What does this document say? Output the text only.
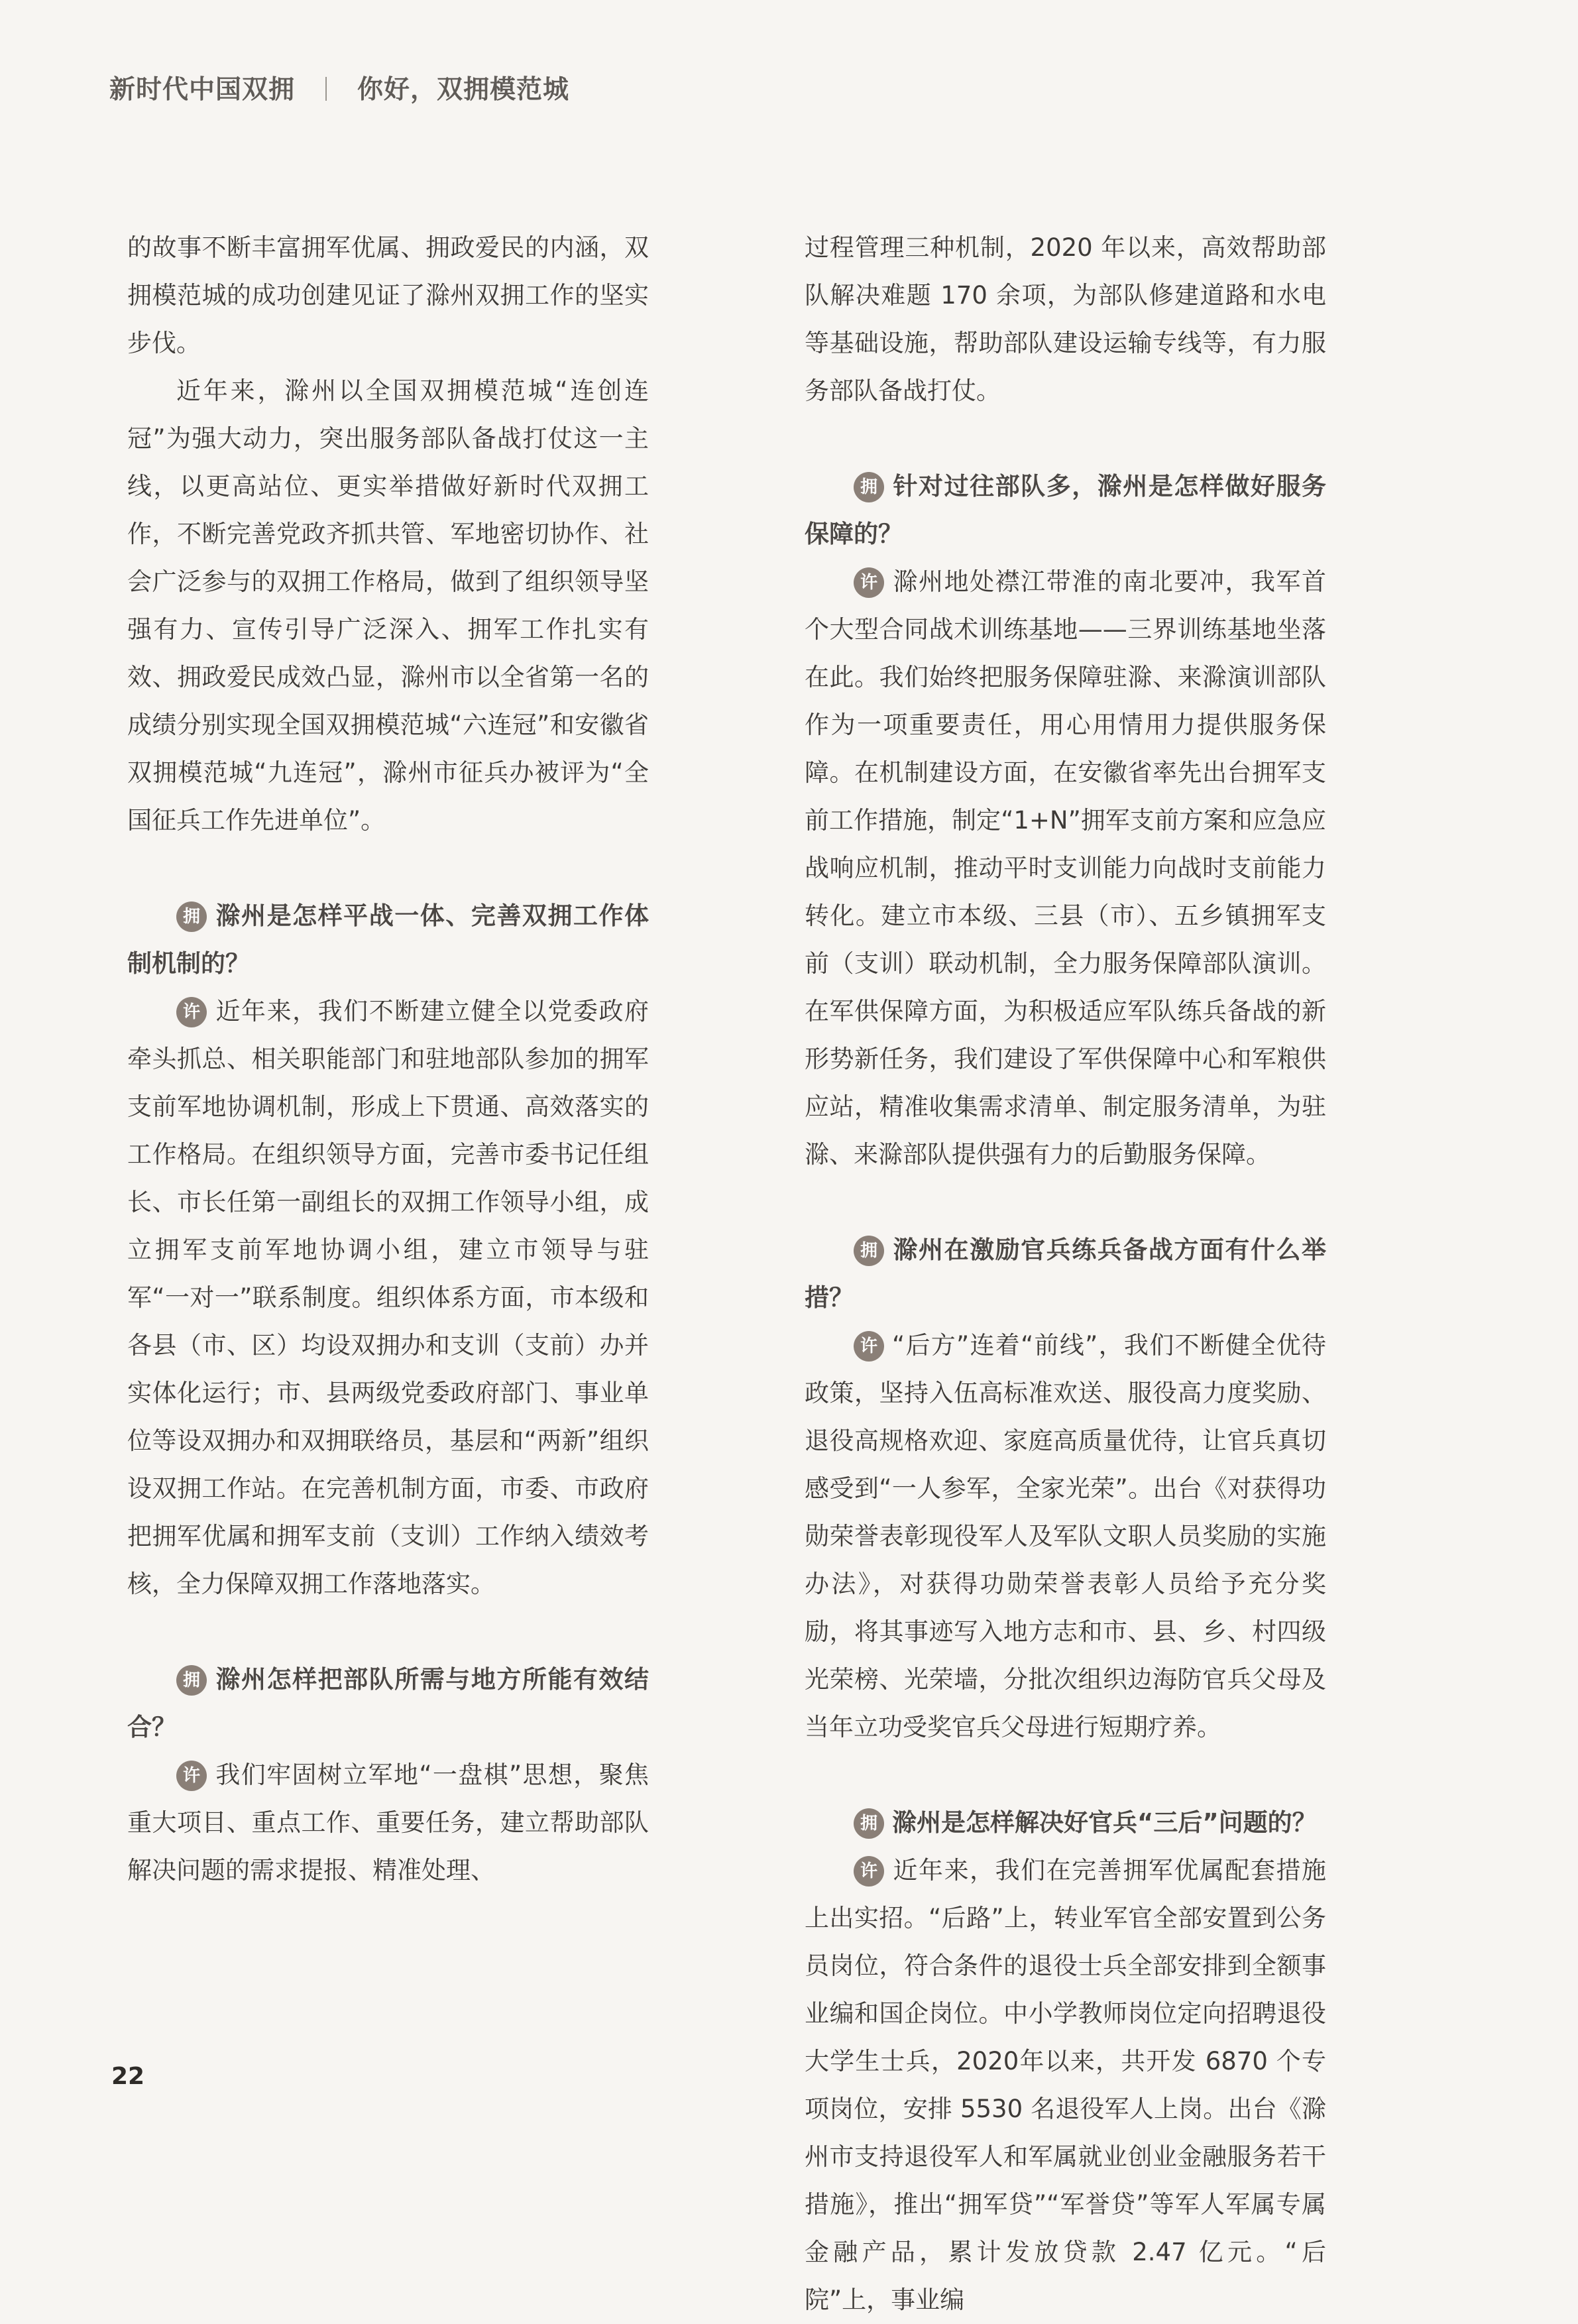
新时代中国双拥 你好，双拥模范城

的故事不断丰富拥军优属、拥政爱民的内涵，双拥模范城的成功创建见证了滁州双拥工作的坚实步伐。

近年来，滁州以全国双拥模范城“连创连冠”为强大动力，突出服务部队备战打仗这一主线，以更高站位、更实举措做好新时代双拥工作，不断完善党政齐抓共管、军地密切协作、社会广泛参与的双拥工作格局，做到了组织领导坚强有力、宣传引导广泛深入、拥军工作扎实有效、拥政爱民成效凸显，滁州市以全省第一名的成绩分别实现全国双拥模范城“六连冠”和安徽省双拥模范城“九连冠”，滁州市征兵办被评为“全国征兵工作先进单位”。

拥 滁州是怎样平战一体、完善双拥工作体制机制的？

许 近年来，我们不断建立健全以党委政府牵头抓总、相关职能部门和驻地部队参加的拥军支前军地协调机制，形成上下贯通、高效落实的工作格局。在组织领导方面，完善市委书记任组长、市长任第一副组长的双拥工作领导小组，成立拥军支前军地协调小组，建立市领导与驻军“一对一”联系制度。组织体系方面，市本级和各县（市、区）均设双拥办和支训（支前）办并实体化运行；市、县两级党委政府部门、事业单位等设双拥办和双拥联络员，基层和“两新”组织设双拥工作站。在完善机制方面，市委、市政府把拥军优属和拥军支前（支训）工作纳入绩效考核，全力保障双拥工作落地落实。

拥 滁州怎样把部队所需与地方所能有效结合？

许 我们牢固树立军地“一盘棋”思想，聚焦重大项目、重点工作、重要任务，建立帮助部队解决问题的需求提报、精准处理、

过程管理三种机制，2020 年以来，高效帮助部队解决难题 170 余项，为部队修建道路和水电等基础设施，帮助部队建设运输专线等，有力服务部队备战打仗。

拥 针对过往部队多，滁州是怎样做好服务保障的？

许 滁州地处襟江带淮的南北要冲，我军首个大型合同战术训练基地——三界训练基地坐落在此。我们始终把服务保障驻滁、来滁演训部队作为一项重要责任，用心用情用力提供服务保障。在机制建设方面，在安徽省率先出台拥军支前工作措施，制定“1+N”拥军支前方案和应急应战响应机制，推动平时支训能力向战时支前能力转化。建立市本级、三县（市）、五乡镇拥军支前（支训）联动机制，全力服务保障部队演训。在军供保障方面，为积极适应军队练兵备战的新形势新任务，我们建设了军供保障中心和军粮供应站，精准收集需求清单、制定服务清单，为驻滁、来滁部队提供强有力的后勤服务保障。

拥 滁州在激励官兵练兵备战方面有什么举措？

许 “后方”连着“前线”，我们不断健全优待政策，坚持入伍高标准欢送、服役高力度奖励、退役高规格欢迎、家庭高质量优待，让官兵真切感受到“一人参军，全家光荣”。出台《对获得功勋荣誉表彰现役军人及军队文职人员奖励的实施办法》，对获得功勋荣誉表彰人员给予充分奖励，将其事迹写入地方志和市、县、乡、村四级光荣榜、光荣墙，分批次组织边海防官兵父母及当年立功受奖官兵父母进行短期疗养。

拥 滁州是怎样解决好官兵“三后”问题的？

许 近年来，我们在完善拥军优属配套措施上出实招。“后路”上，转业军官全部安置到公务员岗位，符合条件的退役士兵全部安排到全额事业编和国企岗位。中小学教师岗位定向招聘退役大学生士兵，2020年以来，共开发 6870 个专项岗位，安排 5530 名退役军人上岗。出台《滁州市支持退役军人和军属就业创业金融服务若干措施》，推出“拥军贷”“军誉贷”等军人军属专属金融产品，累计发放贷款 2.47 亿元。“后院”上，事业编

22
